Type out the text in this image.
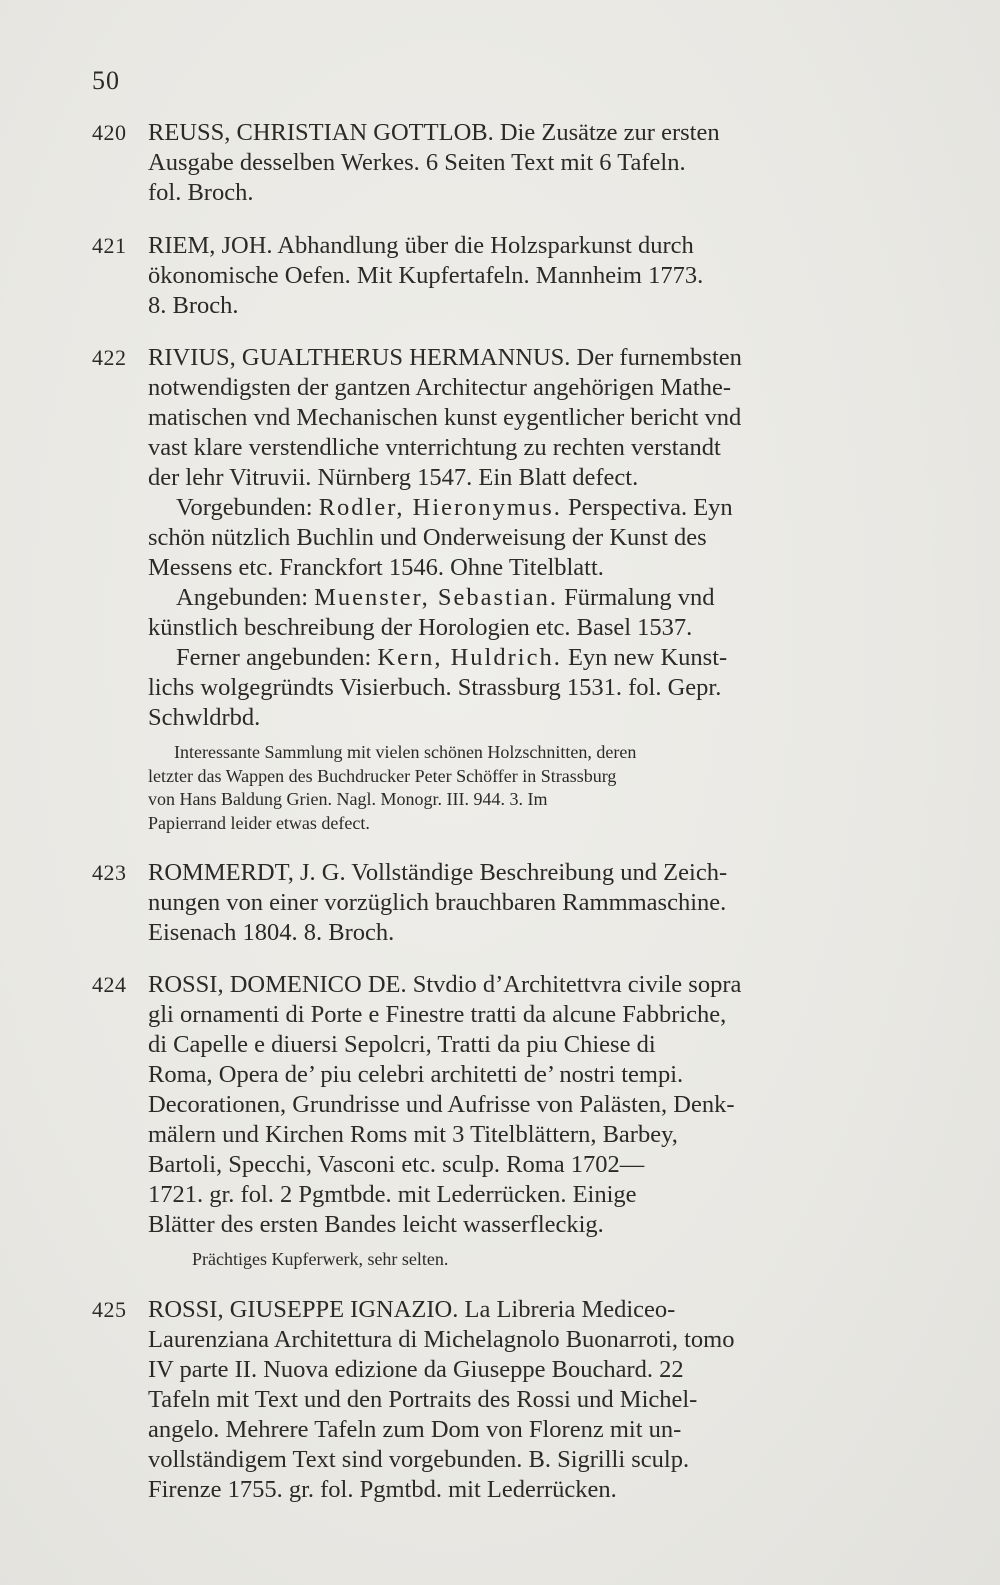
50
420 REUSS, CHRISTIAN GOTTLOB. Die Zusätze zur ersten
Ausgabe desselben Werkes. 6 Seiten Text mit 6 Tafeln.
fol. Broch.
421 RIEM, JOH. Abhandlung über die Holzsparkunst durch
ökonomische Oefen. Mit Kupfertafeln. Mannheim 1773.
8. Broch.
422 RIVIUS, GUALTHERUS HERMANNUS. Der furnembsten
notwendigsten der gantzen Architectur angehörigen Mathe-
matischen vnd Mechanischen kunst eygentlicher bericht vnd
vast klare verstendliche vnterrichtung zu rechten verstandt
der lehr Vitruvii. Nürnberg 1547. Ein Blatt defect.
Vorgebunden: Rodler, Hieronymus. Perspectiva. Eyn
schön nützlich Buchlin und Onderweisung der Kunst des
Messens etc. Franckfort 1546. Ohne Titelblatt.
Angebunden: Muenster, Sebastian. Fürmalung vnd
künstlich beschreibung der Horologien etc. Basel 1537.
Ferner angebunden: Kern, Huldrich. Eyn new Kunst-
lichs wolgegründts Visierbuch. Strassburg 1531. fol. Gepr.
Schwldrbd.
Interessante Sammlung mit vielen schönen Holzschnitten, deren
letzter das Wappen des Buchdrucker Peter Schöffer in Strassburg
von Hans Baldung Grien. Nagl. Monogr. III. 944. 3. Im
Papierrand leider etwas defect.
423 ROMMERDT, J. G. Vollständige Beschreibung und Zeich-
nungen von einer vorzüglich brauchbaren Rammmaschine.
Eisenach 1804. 8. Broch.
424 ROSSI, DOMENICO DE. Stvdio d’Architettvra civile sopra
gli ornamenti di Porte e Finestre tratti da alcune Fabbriche,
di Capelle e diuersi Sepolcri, Tratti da piu Chiese di
Roma, Opera de’ piu celebri architetti de’ nostri tempi.
Decorationen, Grundrisse und Aufrisse von Palästen, Denk-
mälern und Kirchen Roms mit 3 Titelblättern, Barbey,
Bartoli, Specchi, Vasconi etc. sculp. Roma 1702—
1721. gr. fol. 2 Pgmtbde. mit Lederrücken. Einige
Blätter des ersten Bandes leicht wasserfleckig.
Prächtiges Kupferwerk, sehr selten.
425 ROSSI, GIUSEPPE IGNAZIO. La Libreria Mediceo-
Laurenziana Architettura di Michelagnolo Buonarroti, tomo
IV parte II. Nuova edizione da Giuseppe Bouchard. 22
Tafeln mit Text und den Portraits des Rossi und Michel-
angelo. Mehrere Tafeln zum Dom von Florenz mit un-
vollständigem Text sind vorgebunden. B. Sigrilli sculp.
Firenze 1755. gr. fol. Pgmtbd. mit Lederrücken.
